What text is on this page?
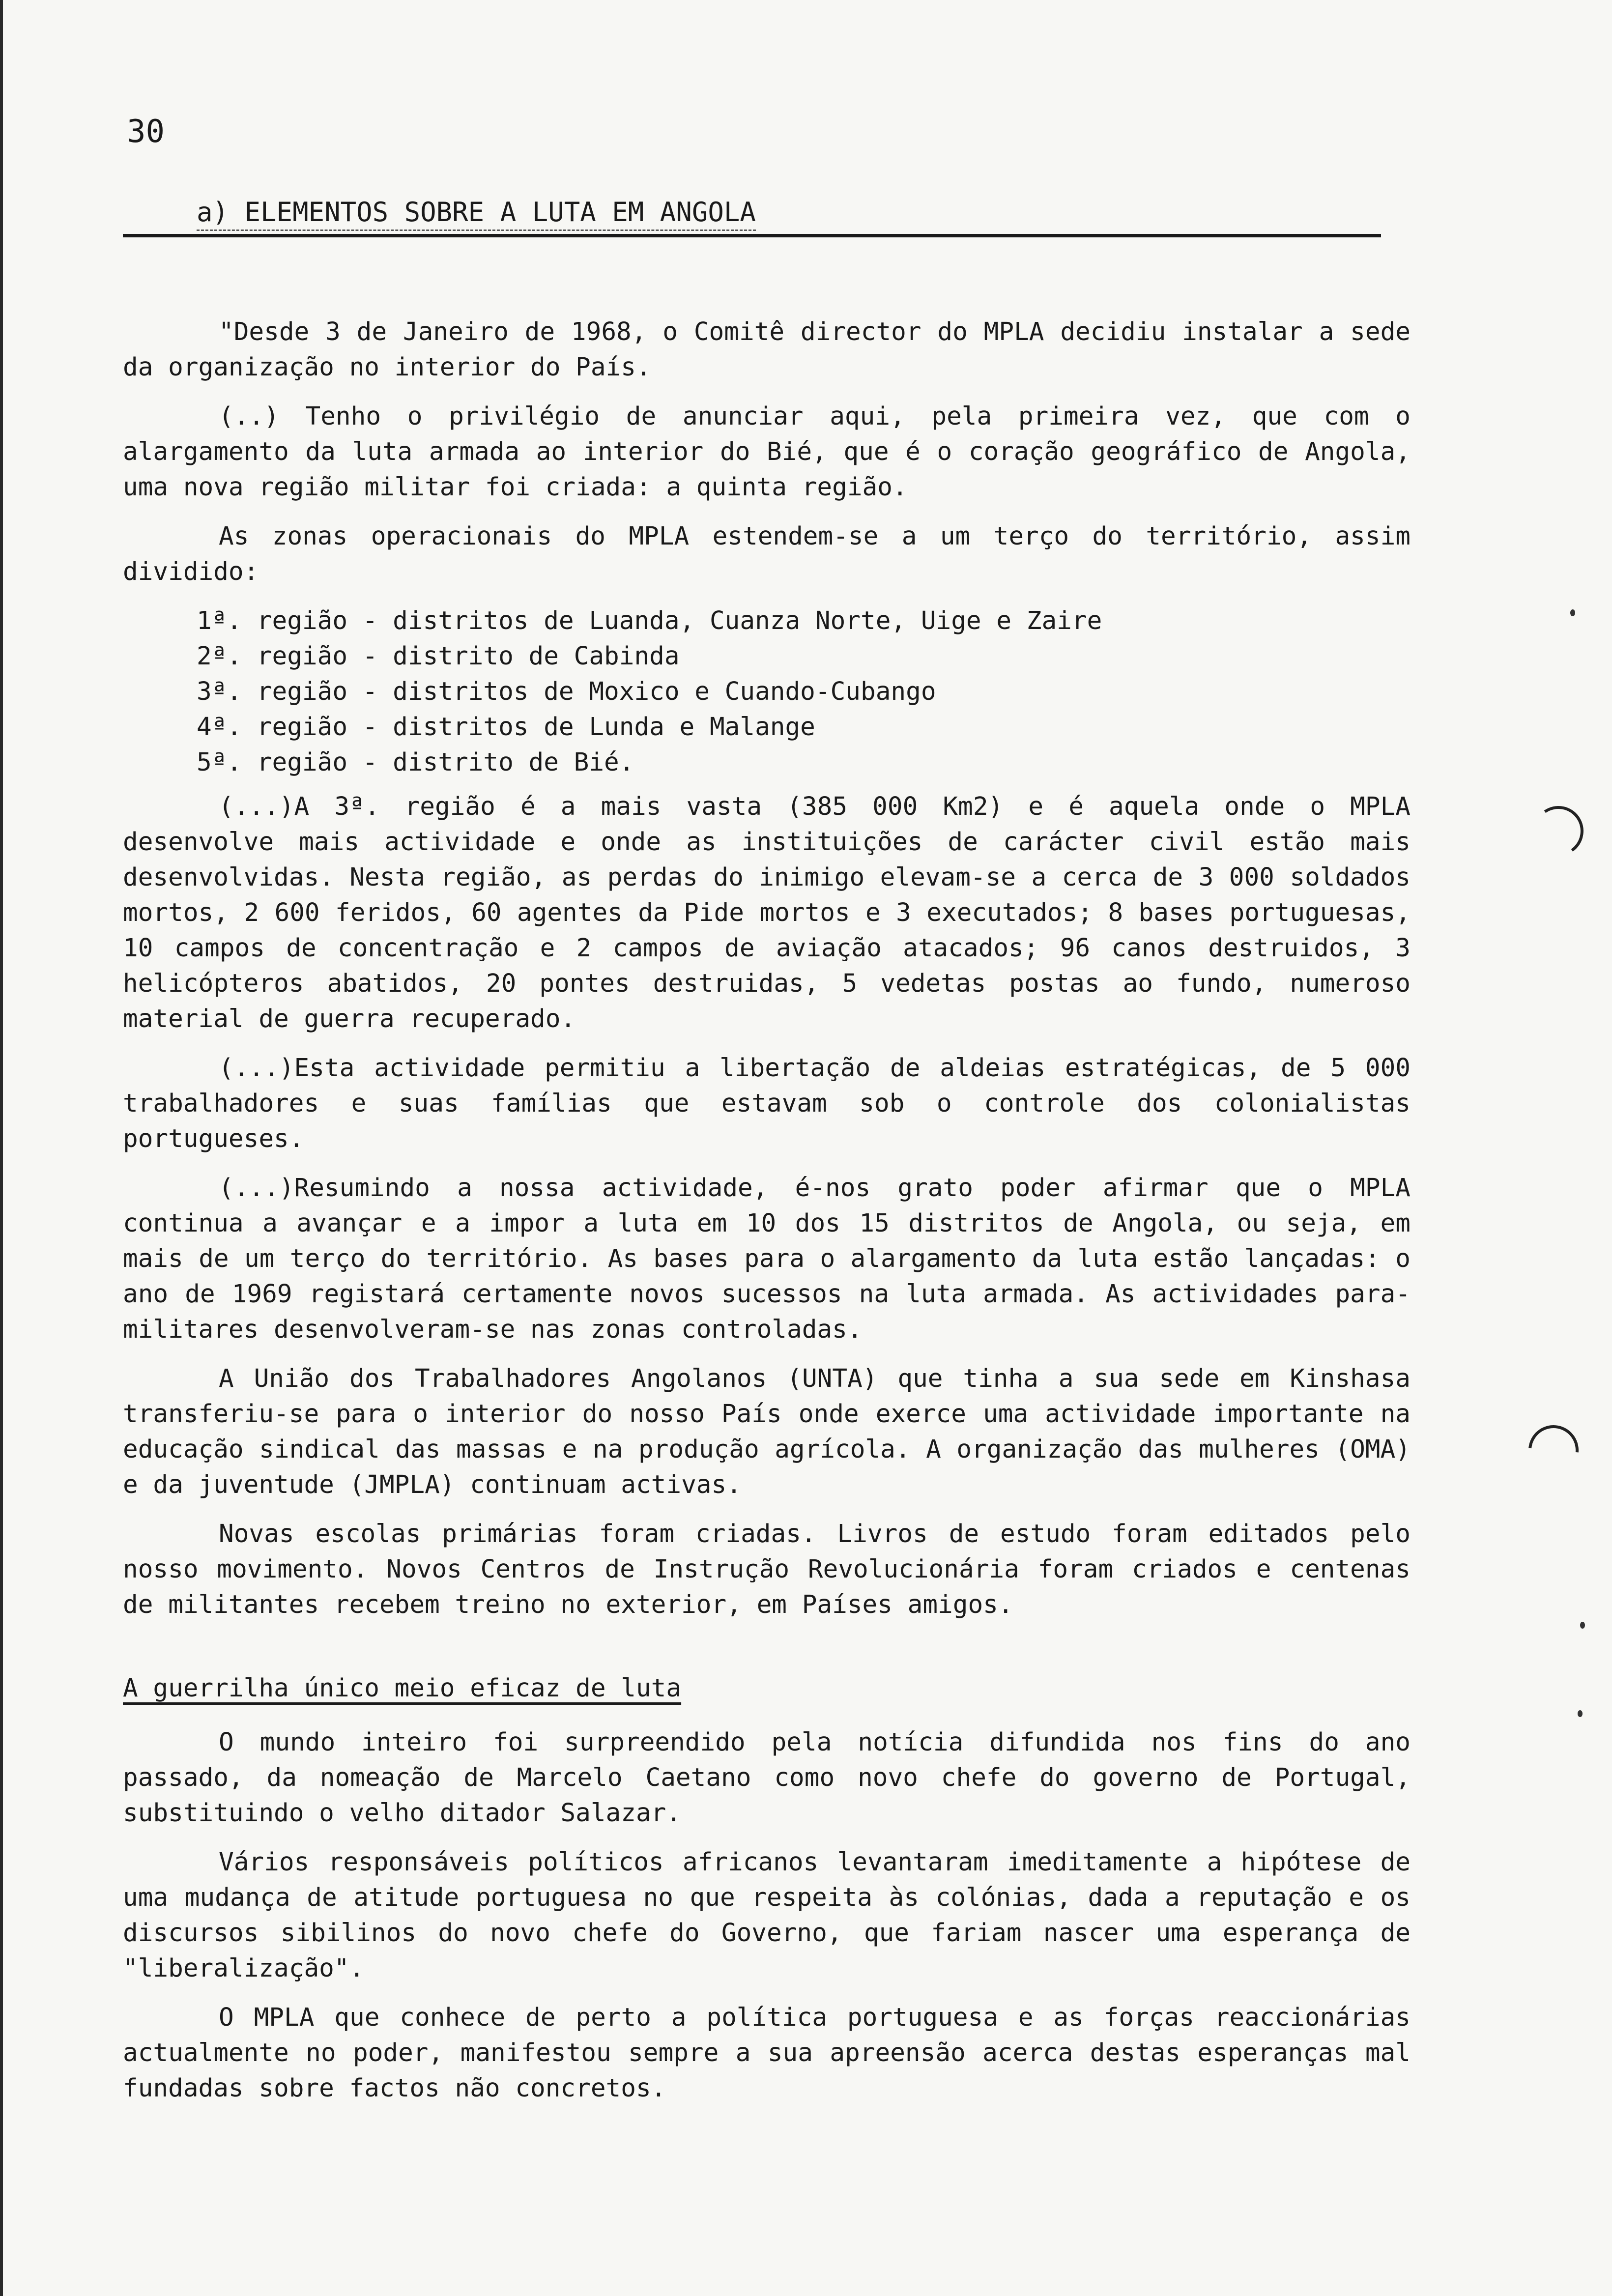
30
a) ELEMENTOS SOBRE A LUTA EM ANGOLA

"Desde 3 de Janeiro de 1968, o Comitê director do MPLA decidiu instalar a sede da organização no interior do País.

(..) Tenho o privilégio de anunciar aqui, pela primeira vez, que com o alargamento da luta armada ao interior do Bié, que é o coração geográfico de Angola, uma nova região militar foi criada: a quinta região.

As zonas operacionais do MPLA estendem-se a um terço do território, assim dividido:

1ª. região - distritos de Luanda, Cuanza Norte, Uige e Zaire
2ª. região - distrito de Cabinda
3ª. região - distritos de Moxico e Cuando-Cubango
4ª. região - distritos de Lunda e Malange
5ª. região - distrito de Bié.

(...)A 3ª. região é a mais vasta (385 000 Km2) e é aquela onde o MPLA desenvolve mais actividade e onde as instituições de carácter civil estão mais desenvolvidas. Nesta região, as perdas do inimigo elevam-se a cerca de 3 000 soldados mortos, 2 600 feridos, 60 agentes da Pide mortos e 3 executados; 8 bases portuguesas, 10 campos de concentração e 2 campos de aviação atacados; 96 canos destruidos, 3 helicópteros abatidos, 20 pontes destruidas, 5 vedetas postas ao fundo, numeroso material de guerra recuperado.

(...)Esta actividade permitiu a libertação de aldeias estratégicas, de 5 000 trabalhadores e suas famílias que estavam sob o controle dos colonialistas portugueses.

(...)Resumindo a nossa actividade, é-nos grato poder afirmar que o MPLA continua a avançar e a impor a luta em 10 dos 15 distritos de Angola, ou seja, em mais de um terço do território. As bases para o alargamento da luta estão lançadas: o ano de 1969 registará certamente novos sucessos na luta armada. As actividades para-militares desenvolveram-se nas zonas controladas.

A União dos Trabalhadores Angolanos (UNTA) que tinha a sua sede em Kinshasa transferiu-se para o interior do nosso País onde exerce uma actividade importante na educação sindical das massas e na produção agrícola. A organização das mulheres (OMA) e da juventude (JMPLA) continuam activas.

Novas escolas primárias foram criadas. Livros de estudo foram editados pelo nosso movimento. Novos Centros de Instrução Revolucionária foram criados e centenas de militantes recebem treino no exterior, em Países amigos.

A guerrilha único meio eficaz de luta

O mundo inteiro foi surpreendido pela notícia difundida nos fins do ano passado, da nomeação de Marcelo Caetano como novo chefe do governo de Portugal, substituindo o velho ditador Salazar.

Vários responsáveis políticos africanos levantaram imeditamente a hipótese de uma mudança de atitude portuguesa no que respeita às colónias, dada a reputação e os discursos sibilinos do novo chefe do Governo, que fariam nascer uma esperança de "liberalização".

O MPLA que conhece de perto a política portuguesa e as forças reaccionárias actualmente no poder, manifestou sempre a sua apreensão acerca destas esperanças mal fundadas sobre factos não concretos.
